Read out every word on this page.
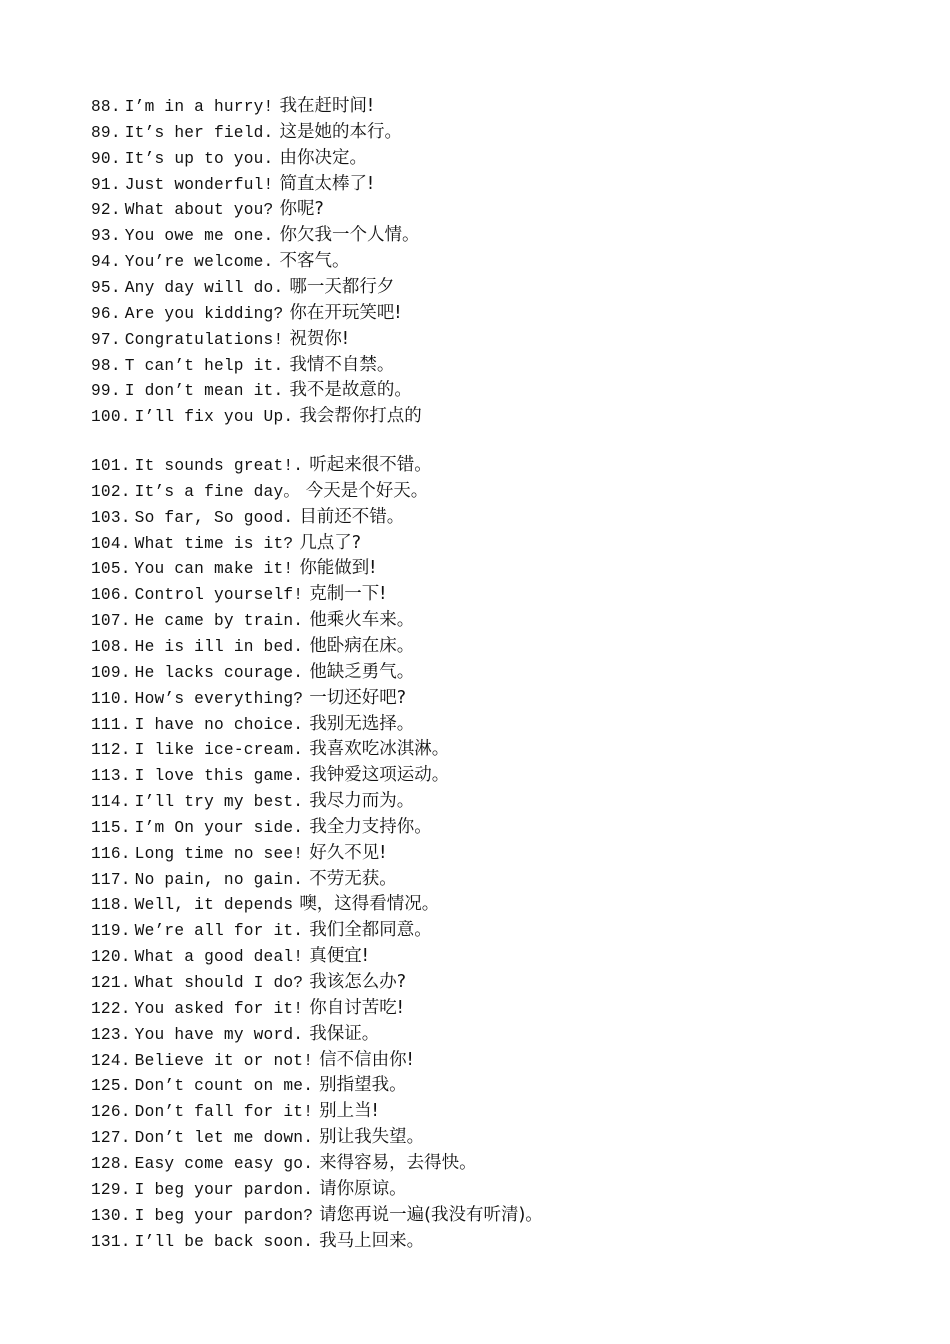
88. I’m in a hurry! 我在赶时间!
89. It’s her field. 这是她的本行。
90. It’s up to you. 由你决定。
91. Just wonderful! 简直太棒了!
92. What about you? 你呢?
93. You owe me one. 你欠我一个人情。
94. You’re welcome. 不客气。
95. Any day will do. 哪一天都行夕
96. Are you kidding? 你在开玩笑吧!
97. Congratulations! 祝贺你!
98. T can’t help it. 我情不自禁。
99. I don’t mean it. 我不是故意的。
100. I’ll fix you Up. 我会帮你打点的
101. It sounds great!. 听起来很不错。
102. It’s a fine day。 今天是个好天。
103. So far, So good. 目前还不错。
104. What time is it? 几点了?
105. You can make it! 你能做到!
106. Control yourself! 克制一下!
107. He came by train. 他乘火车来。
108. He is ill in bed. 他卧病在床。
109. He lacks courage. 他缺乏勇气。
110. How’s everything? 一切还好吧?
111. I have no choice. 我别无选择。
112. I like ice-cream. 我喜欢吃冰淇淋。
113. I love this game. 我钟爱这项运动。
114. I’ll try my best. 我尽力而为。
115. I’m On your side. 我全力支持你。
116. Long time no see! 好久不见!
117. No pain, no gain. 不劳无获。
118. Well, it depends 噢，这得看情况。
119. We’re all for it. 我们全都同意。
120. What a good deal! 真便宜!
121. What should I do? 我该怎么办?
122. You asked for it! 你自讨苦吃!
123. You have my word. 我保证。
124. Believe it or not! 信不信由你!
125. Don’t count on me. 别指望我。
126. Don’t fall for it! 别上当!
127. Don’t let me down. 别让我失望。
128. Easy come easy go. 来得容易，去得快。
129. I beg your pardon. 请你原谅。
130. I beg your pardon? 请您再说一遍(我没有听清)。
131. I’ll be back soon. 我马上回来。
